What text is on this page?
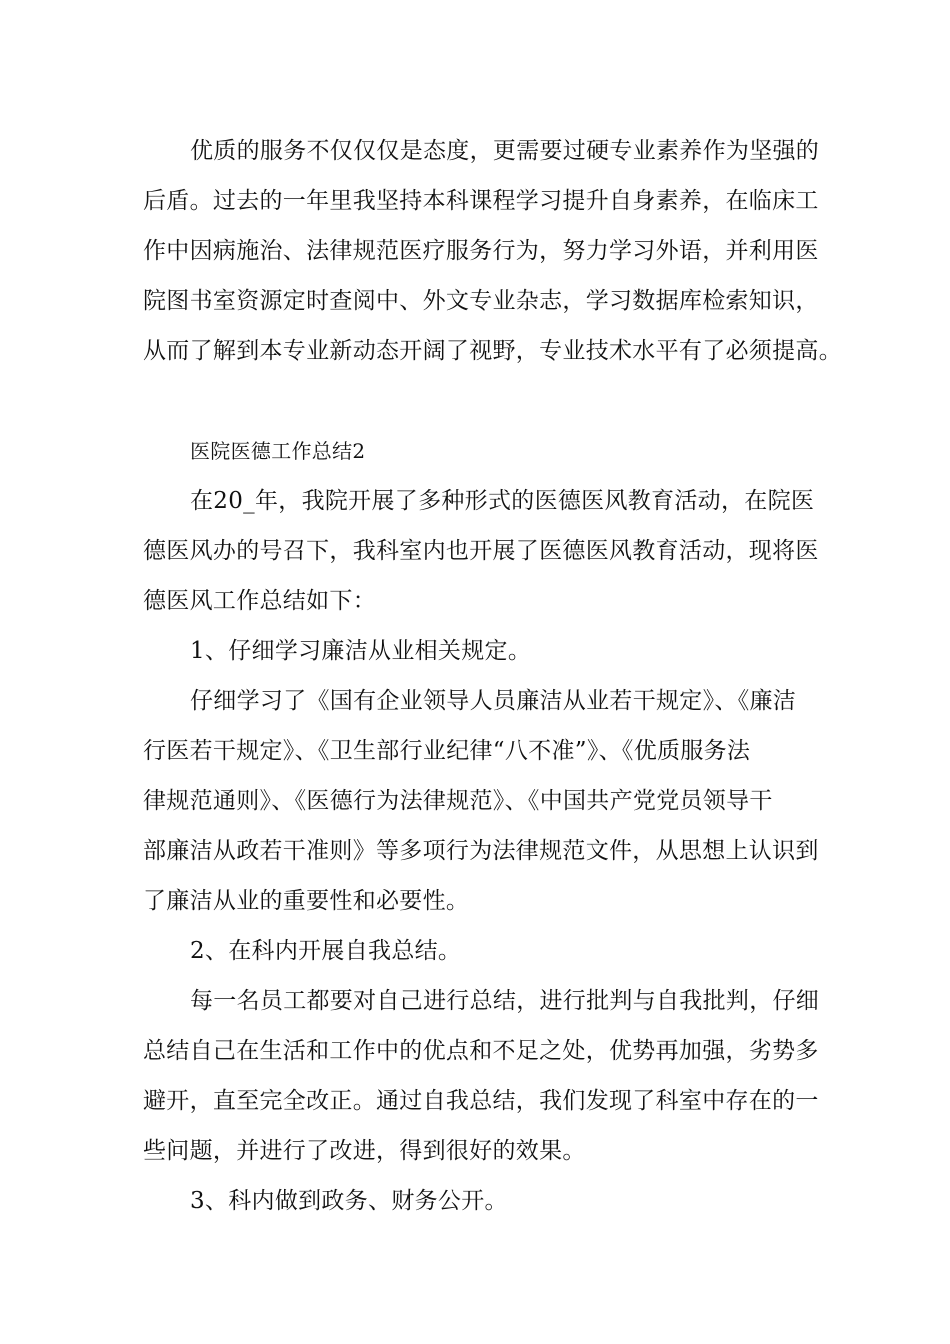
优质的服务不仅仅仅是态度，更需要过硬专业素养作为坚强的
后盾。过去的一年里我坚持本科课程学习提升自身素养，在临床工
作中因病施治、法律规范医疗服务行为，努力学习外语，并利用医
院图书室资源定时查阅中、外文专业杂志，学习数据库检索知识，
从而了解到本专业新动态开阔了视野，专业技术水平有了必须提高。
医院医德工作总结2
在20_年，我院开展了多种形式的医德医风教育活动，在院医
德医风办的号召下，我科室内也开展了医德医风教育活动，现将医
德医风工作总结如下：
1、仔细学习廉洁从业相关规定。
仔细学习了《国有企业领导人员廉洁从业若干规定》、《廉洁
行医若干规定》、《卫生部行业纪律“八不准”》、《优质服务法
律规范通则》、《医德行为法律规范》、《中国共产党党员领导干
部廉洁从政若干准则》等多项行为法律规范文件，从思想上认识到
了廉洁从业的重要性和必要性。
2、在科内开展自我总结。
每一名员工都要对自己进行总结，进行批判与自我批判，仔细
总结自己在生活和工作中的优点和不足之处，优势再加强，劣势多
避开，直至完全改正。通过自我总结，我们发现了科室中存在的一
些问题，并进行了改进，得到很好的效果。
3、科内做到政务、财务公开。
